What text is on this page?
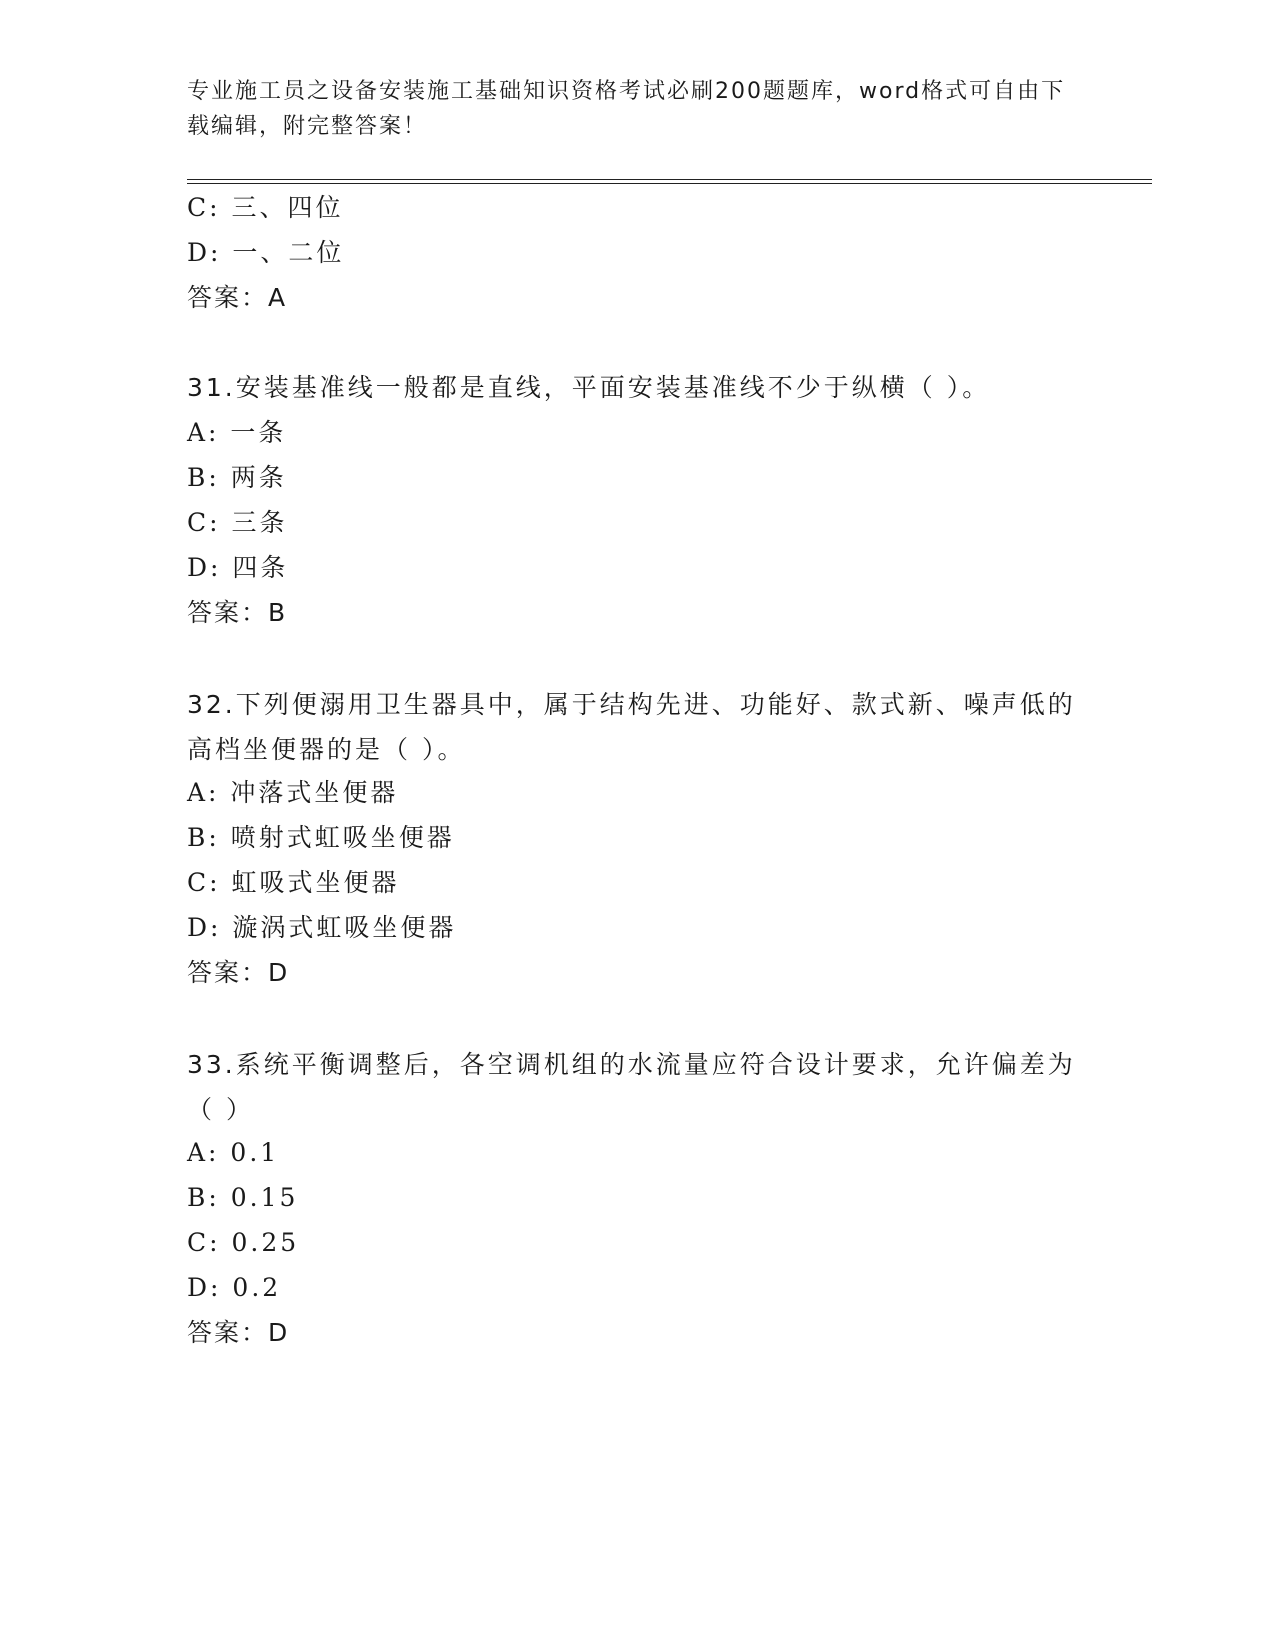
专业施工员之设备安装施工基础知识资格考试必刷200题题库，word格式可自由下载编辑，附完整答案！
C: 三、四位
D: 一、二位
答案：A
31.安装基准线一般都是直线，平面安装基准线不少于纵横（ ）。
A: 一条
B: 两条
C: 三条
D: 四条
答案：B
32.下列便溺用卫生器具中，属于结构先进、功能好、款式新、噪声低的高档坐便器的是（ ）。
A: 冲落式坐便器
B: 喷射式虹吸坐便器
C: 虹吸式坐便器
D: 漩涡式虹吸坐便器
答案：D
33.系统平衡调整后，各空调机组的水流量应符合设计要求，允许偏差为（ ）
A: 0.1
B: 0.15
C: 0.25
D: 0.2
答案：D
